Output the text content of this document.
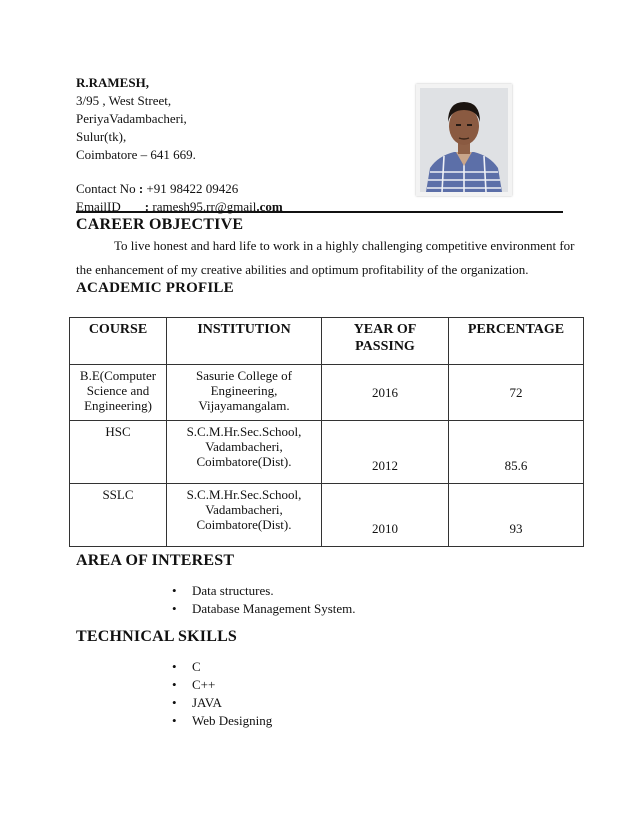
R.RAMESH,
3/95 , West Street,
PeriyaVadambacheri,
Sulur(tk),
Coimbatore – 641 669.
Contact No : +91 98422 09426
EmailID : ramesh95.rr@gmail.com
CAREER OBJECTIVE
To live honest and hard life to work in a highly challenging competitive environment for
the enhancement of my creative abilities and optimum profitability of the organization.
ACADEMIC PROFILE
COURSE	INSTITUTION	YEAR OF PASSING	PERCENTAGE

B.E(Computer Science and Engineering)	Sasurie College of Engineering, Vijayamangalam.	2016	72
HSC	S.C.M.Hr.Sec.School, Vadambacheri, Coimbatore(Dist).	2012	85.6
SSLC	S.C.M.Hr.Sec.School, Vadambacheri, Coimbatore(Dist).	2010	93
AREA OF INTEREST
• Data structures.
• Database Management System.
TECHNICAL SKILLS
• C
• C++
• JAVA
• Web Designing
